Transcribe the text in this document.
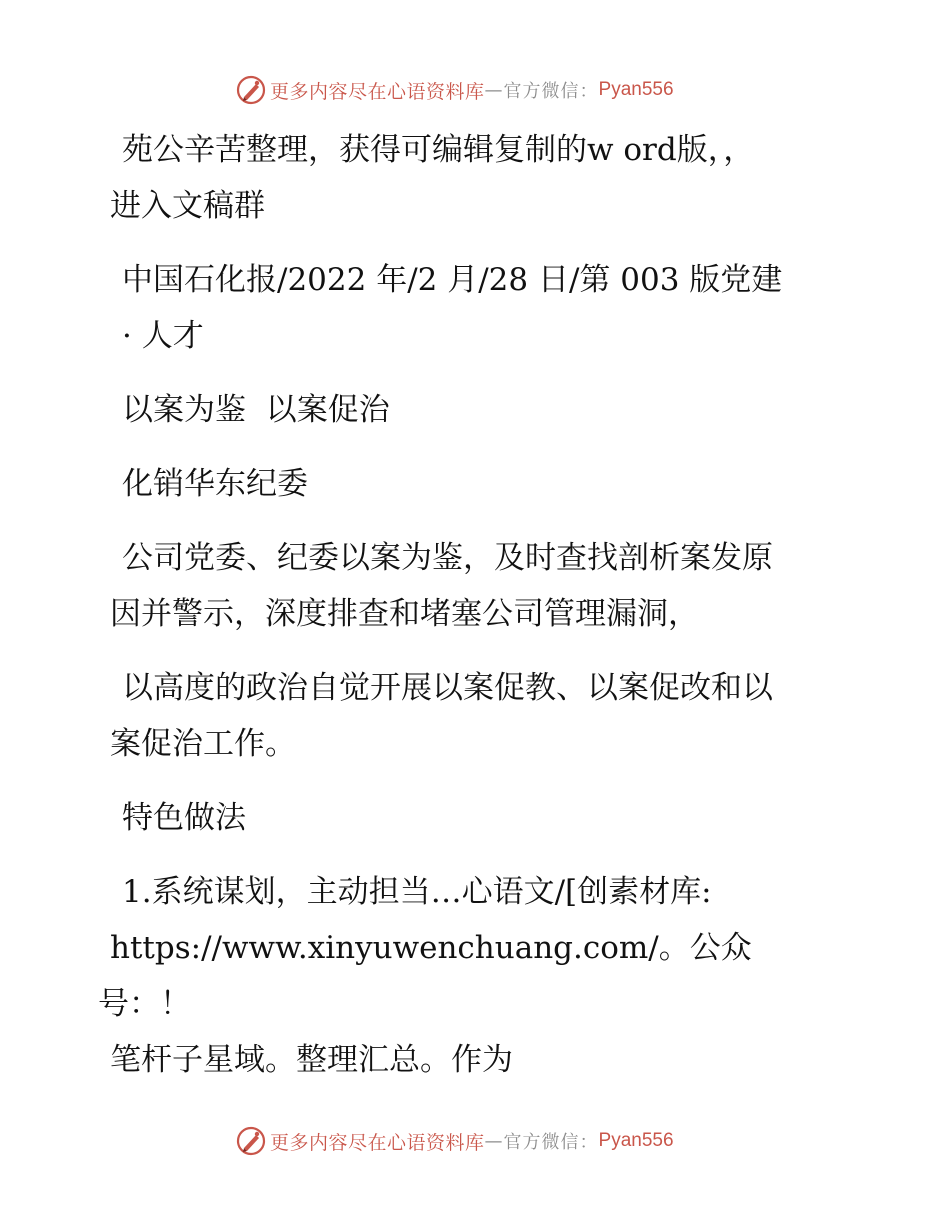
更多内容尽在心语资料库 — 官方微信： Pyan556
苑公辛苦整理，获得可编辑复制的w ord版，，
进入文稿群
中国石化报/2022 年/2 月/28 日/第 003 版党建
· 人才
以案为鉴  以案促治
化销华东纪委
公司党委、纪委以案为鉴，及时查找剖析案发原
因并警示，深度排查和堵塞公司管理漏洞，
以高度的政治自觉开展以案促教、以案促改和以
案促治工作。
特色做法
1.系统谋划，主动担当…心语文/[创素材库:
https://www.xinyuwenchuang.com/。公众号：！
笔杆子星域。整理汇总。作为
更多内容尽在心语资料库 — 官方微信： Pyan556
